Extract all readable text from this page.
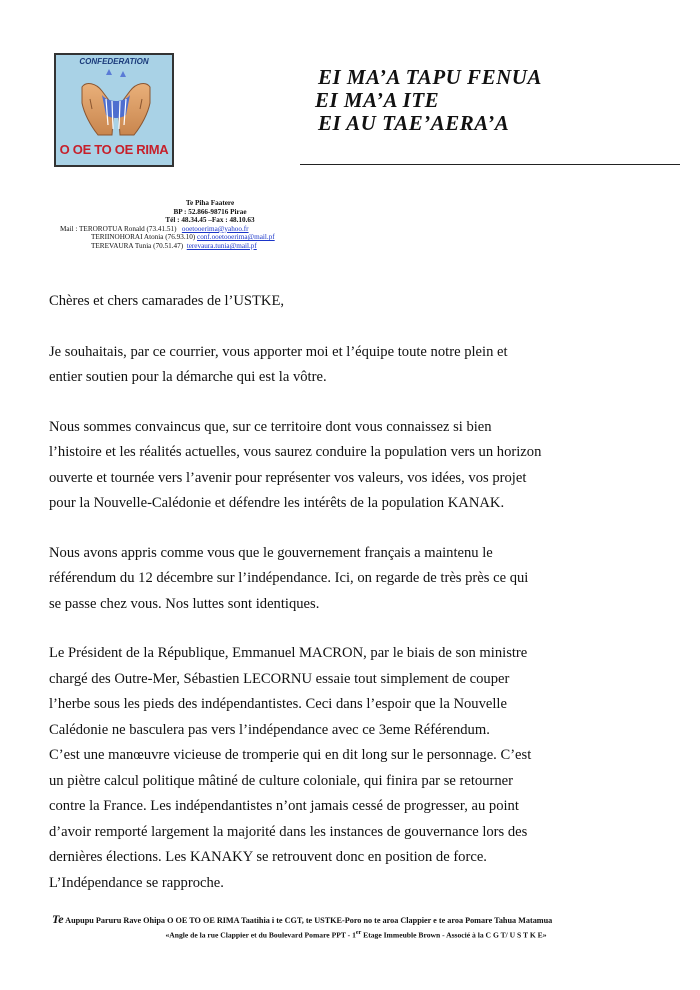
CONFEDERATION
O OE TO OE RIMA
EI MA’A TAPU FENUA
EI MA’A ITE
EI AU TAE’AERA’A
Te Piha Faatere
BP : 52.866-98716 Pirae
Tél : 48.34.45 –Fax : 48.10.63
Mail : TEROROTUA Ronald (73.41.51) ooetooerima@yahoo.fr
TERIINOHORAI Atonia (76.93.10) conf.ooetooerima@mail.pf
TEREVAURA Tunia (70.51.47) terevaura.tunia@mail.pf

Chères et chers camarades de l’USTKE,

Je souhaitais, par ce courrier, vous apporter moi et l’équipe toute notre plein et
entier soutien pour la démarche qui est la vôtre.

Nous sommes convaincus que, sur ce territoire dont vous connaissez si bien
l’histoire et les réalités actuelles, vous saurez conduire la population vers un horizon
ouverte et tournée vers l’avenir pour représenter vos valeurs, vos idées, vos projet
pour la Nouvelle-Calédonie et défendre les intérêts de la population KANAK.

Nous avons appris comme vous que le gouvernement français a maintenu le
référendum du 12 décembre sur l’indépendance. Ici, on regarde de très près ce qui
se passe chez vous. Nos luttes sont identiques.

Le Président de la République, Emmanuel MACRON, par le biais de son ministre
chargé des Outre-Mer, Sébastien LECORNU essaie tout simplement de couper
l’herbe sous les pieds des indépendantistes. Ceci dans l’espoir que la Nouvelle
Calédonie ne basculera pas vers l’indépendance avec ce 3eme Référendum.
C’est une manœuvre vicieuse de tromperie qui en dit long sur le personnage. C’est
un piètre calcul politique mâtiné de culture coloniale, qui finira par se retourner
contre la France. Les indépendantistes n’ont jamais cessé de progresser, au point
d’avoir remporté largement la majorité dans les instances de gouvernance lors des
dernières élections. Les KANAKY se retrouvent donc en position de force.
L’Indépendance se rapproche.

Te Aupupu Paruru Rave Ohipa O OE TO OE RIMA Taatihia i te CGT, te USTKE-Poro no te aroa Clappier e te aroa Pomare Tahua Matamua
«Angle de la rue Clappier et du Boulevard Pomare PPT - 1er Etage Immeuble Brown - Associé à la C G T/ U S T K E»
